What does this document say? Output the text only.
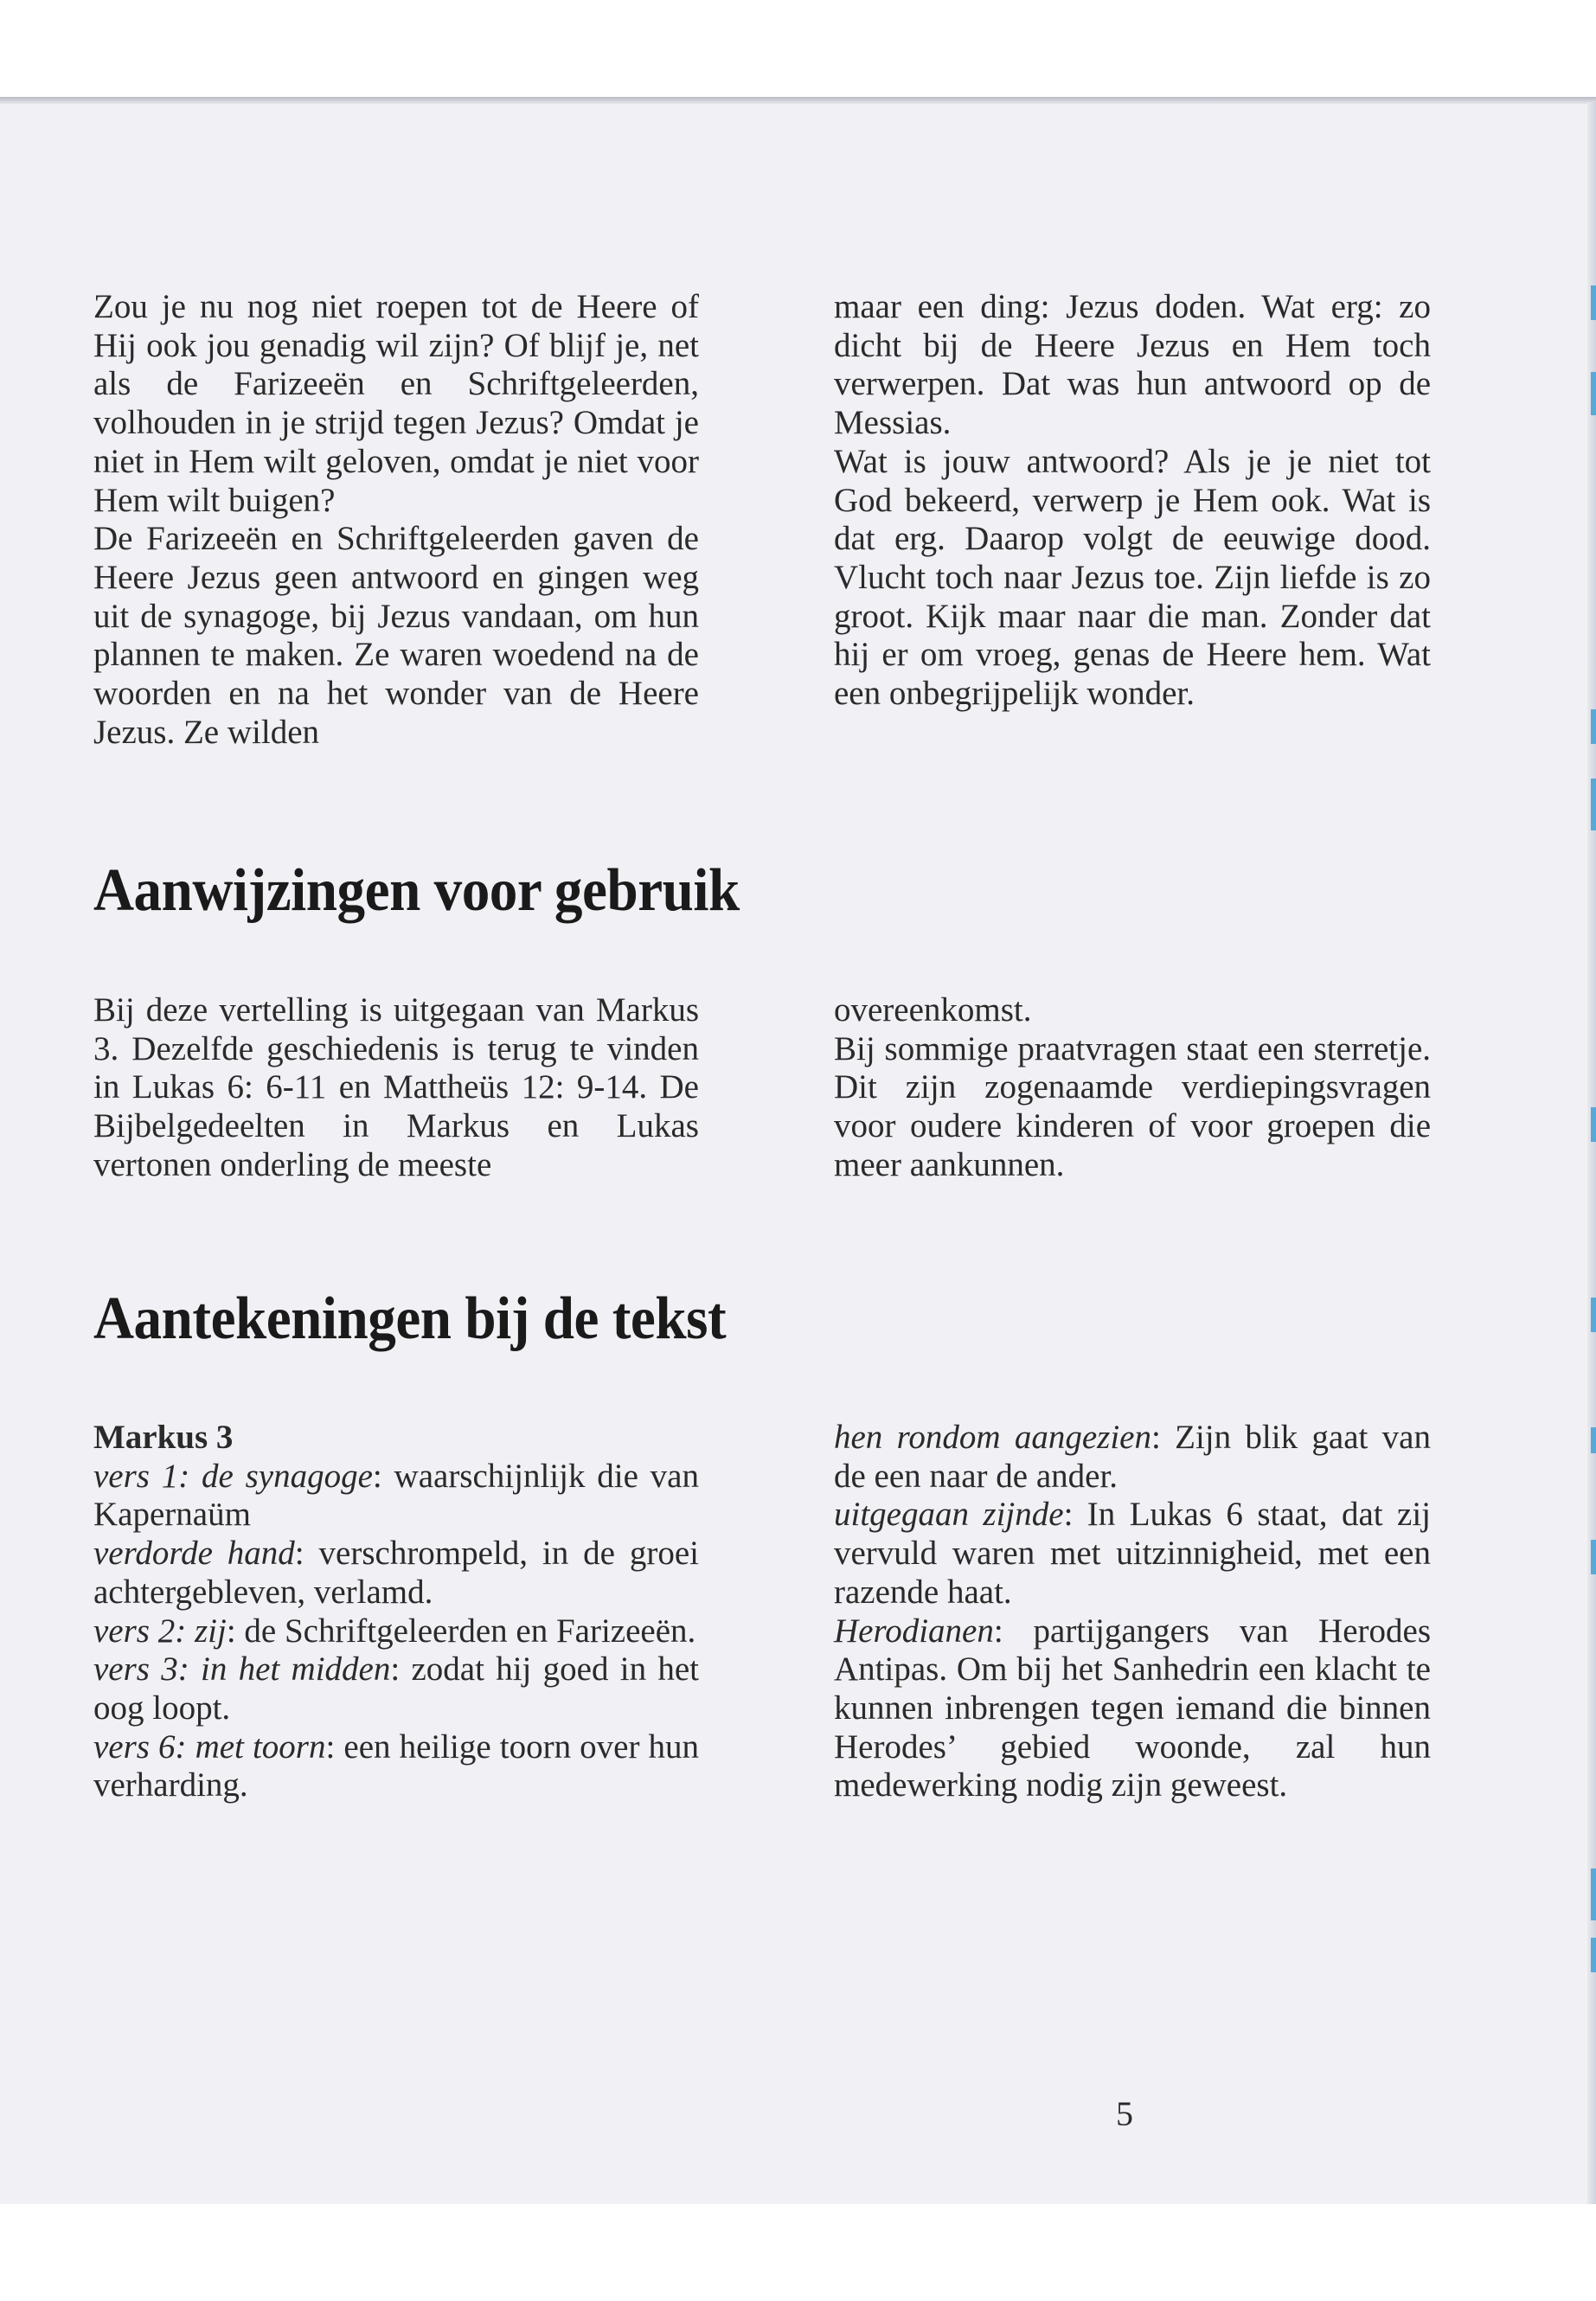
Zou je nu nog niet roepen tot de Heere of Hij ook jou genadig wil zijn? Of blijf je, net als de Farizeeën en Schriftgeleerden, volhouden in je strijd tegen Jezus? Omdat je niet in Hem wilt geloven, omdat je niet voor Hem wilt buigen?

De Farizeeën en Schriftgeleerden gaven de Heere Jezus geen antwoord en gingen weg uit de synagoge, bij Jezus vandaan, om hun plannen te maken. Ze waren woedend na de woorden en na het wonder van de Heere Jezus. Ze wilden

maar een ding: Jezus doden. Wat erg: zo dicht bij de Heere Jezus en Hem toch verwerpen. Dat was hun antwoord op de Messias.

Wat is jouw antwoord? Als je je niet tot God bekeerd, verwerp je Hem ook. Wat is dat erg. Daarop volgt de eeuwige dood. Vlucht toch naar Jezus toe. Zijn liefde is zo groot. Kijk maar naar die man. Zonder dat hij er om vroeg, genas de Heere hem. Wat een onbegrijpelijk wonder.

Aanwijzingen voor gebruik

Bij deze vertelling is uitgegaan van Markus 3. Dezelfde geschiedenis is terug te vinden in Lukas 6: 6-11 en Mattheüs 12: 9-14. De Bijbelgedeelten in Markus en Lukas vertonen onderling de meeste

overeenkomst.

Bij sommige praatvragen staat een sterretje. Dit zijn zogenaamde verdiepingsvragen voor oudere kinderen of voor groepen die meer aankunnen.

Aantekeningen bij de tekst

Markus 3

vers 1: de synagoge: waarschijnlijk die van Kapernaüm

verdorde hand: verschrompeld, in de groei achtergebleven, verlamd.

vers 2: zij: de Schriftgeleerden en Farizeeën.

vers 3: in het midden: zodat hij goed in het oog loopt.

vers 6: met toorn: een heilige toorn over hun verharding.

hen rondom aangezien: Zijn blik gaat van de een naar de ander.

uitgegaan zijnde: In Lukas 6 staat, dat zij vervuld waren met uitzinnigheid, met een razende haat.

Herodianen: partijgangers van Herodes Antipas. Om bij het Sanhedrin een klacht te kunnen inbrengen tegen iemand die binnen Herodes’ gebied woonde, zal hun medewerking nodig zijn geweest.

5
